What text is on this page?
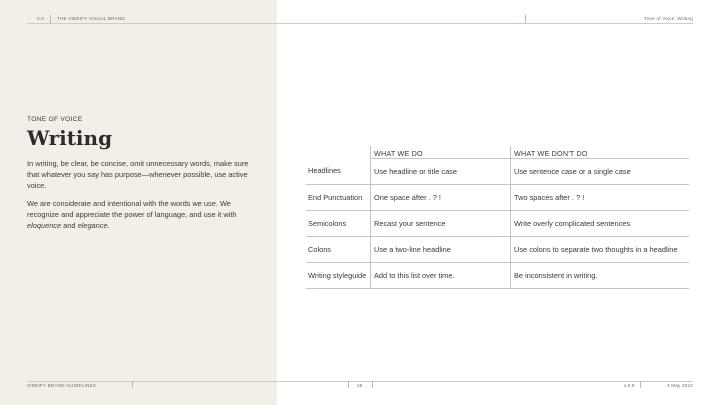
0.0	THE VINEIFY VISUAL BRAND	Tone of Voice: Writing
TONE OF VOICE
Writing

In writing, be clear, be concise, omit unnecessary words, make sure that whatever you say has purpose—whenever possible, use active voice.

We are considerate and intentional with the words we use. We recognize and appreciate the power of language, and use it with eloquence and elegance.

	WHAT WE DO	WHAT WE DON'T DO
Headlines	Use headline or title case	Use sentence case or a single case
End Punctuation	One space after . ? !	Two spaces after . ? !
Semicolons	Recast your sentence	Write overly complicated sentences
Colons	Use a two-line headline	Use colons to separate two thoughts in a headline
Writing styleguide	Add to this list over time.	Be inconsistent in writing.
VINEIFY BRAND GUIDELINES	25	v.0.9	3 May 2022
